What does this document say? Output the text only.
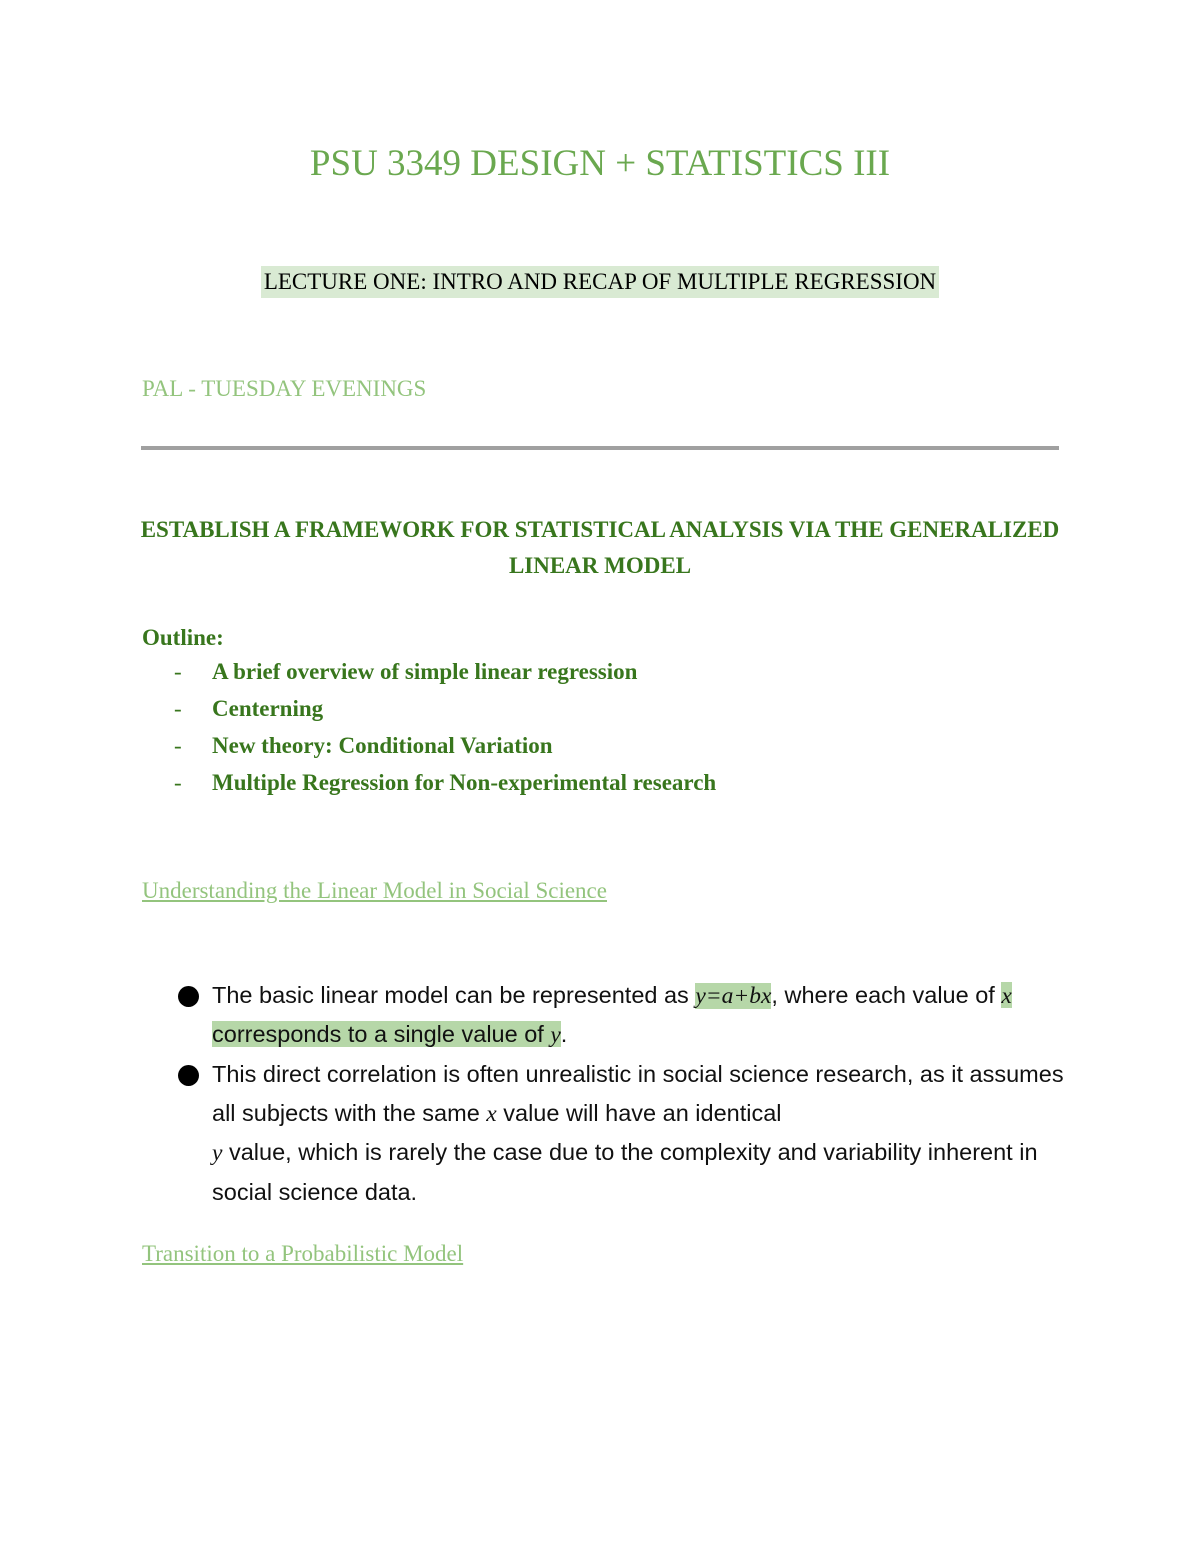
PSU 3349 DESIGN + STATISTICS III
LECTURE ONE: INTRO AND RECAP OF MULTIPLE REGRESSION

PAL - TUESDAY EVENINGS

ESTABLISH A FRAMEWORK FOR STATISTICAL ANALYSIS VIA THE GENERALIZED LINEAR MODEL

Outline:

- A brief overview of simple linear regression
- Centerning
- New theory: Conditional Variation
- Multiple Regression for Non-experimental research

Understanding the Linear Model in Social Science

The basic linear model can be represented as y=a+bx, where each value of x corresponds to a single value of y.
This direct correlation is often unrealistic in social science research, as it assumes all subjects with the same x value will have an identical
y value, which is rarely the case due to the complexity and variability inherent in social science data.

Transition to a Probabilistic Model
